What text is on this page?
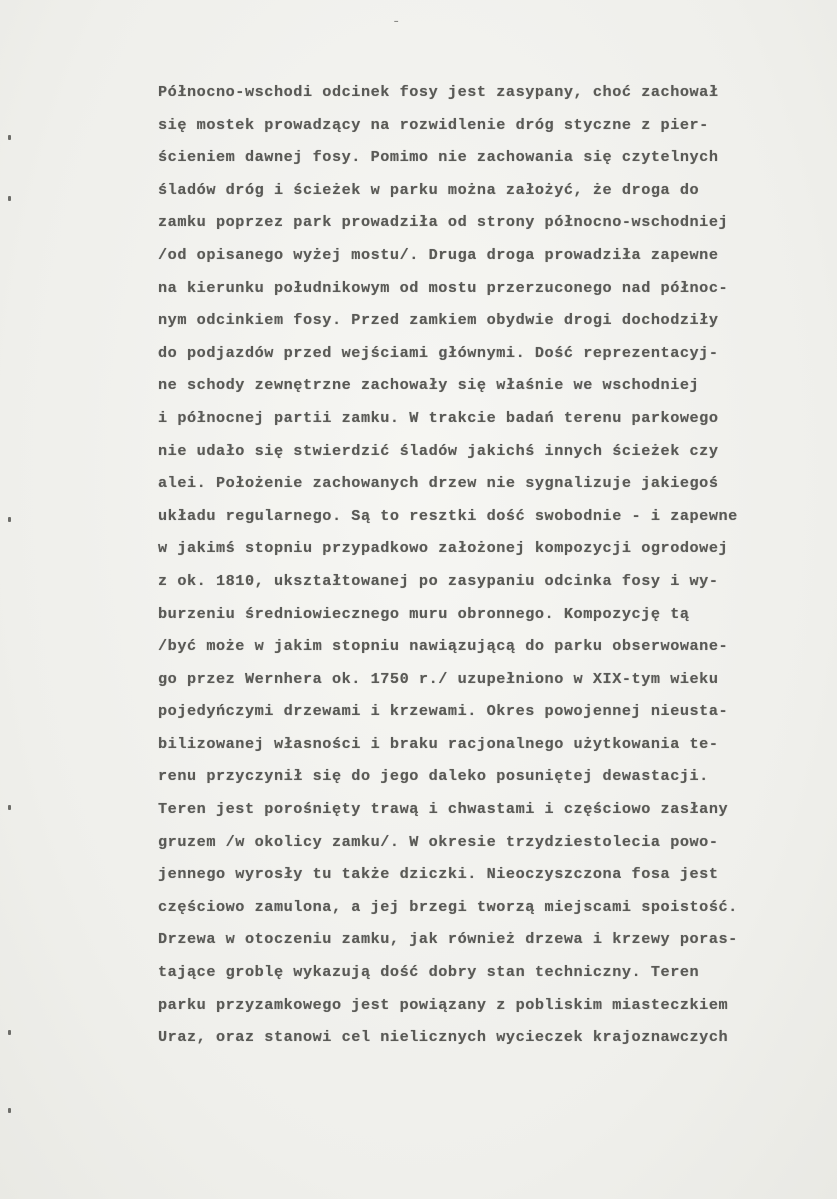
-
Północno-wschodi odcinek fosy jest zasypany, choć zachował
się mostek prowadzący na rozwidlenie dróg styczne z pier-
ścieniem dawnej fosy. Pomimo nie zachowania się czytelnych
śladów dróg i ścieżek w parku można założyć, że droga do
zamku poprzez park prowadziła od strony północno-wschodniej
/od opisanego wyżej mostu/. Druga droga prowadziła zapewne
na kierunku południkowym od mostu przerzuconego nad północ-
nym odcinkiem fosy. Przed zamkiem obydwie drogi dochodziły
do podjazdów przed wejściami głównymi. Dość reprezentacyj-
ne schody zewnętrzne zachowały się właśnie we wschodniej
i północnej partii zamku. W trakcie badań terenu parkowego
nie udało się stwierdzić śladów jakichś innych ścieżek czy
alei. Położenie zachowanych drzew nie sygnalizuje jakiegoś
układu regularnego. Są to resztki dość swobodnie - i zapewne
w jakimś stopniu przypadkowo założonej kompozycji ogrodowej
z ok. 1810, ukształtowanej po zasypaniu odcinka fosy i wy-
burzeniu średniowiecznego muru obronnego. Kompozycję tą
/być może w jakim stopniu nawiązującą do parku obserwowane-
go przez Wernhera ok. 1750 r./ uzupełniono w XIX-tym wieku
pojedyńczymi drzewami i krzewami. Okres powojennej nieusta-
bilizowanej własności i braku racjonalnego użytkowania te-
renu przyczynił się do jego daleko posuniętej dewastacji.
Teren jest porośnięty trawą i chwastami i częściowo zasłany
gruzem /w okolicy zamku/. W okresie trzydziestolecia powo-
jennego wyrosły tu także dziczki. Nieoczyszczona fosa jest
częściowo zamulona, a jej brzegi tworzą miejscami spoistość.
Drzewa w otoczeniu zamku, jak również drzewa i krzewy poras-
tające groblę wykazują dość dobry stan techniczny. Teren
parku przyzamkowego jest powiązany z pobliskim miasteczkiem
Uraz, oraz stanowi cel nielicznych wycieczek krajoznawczych
